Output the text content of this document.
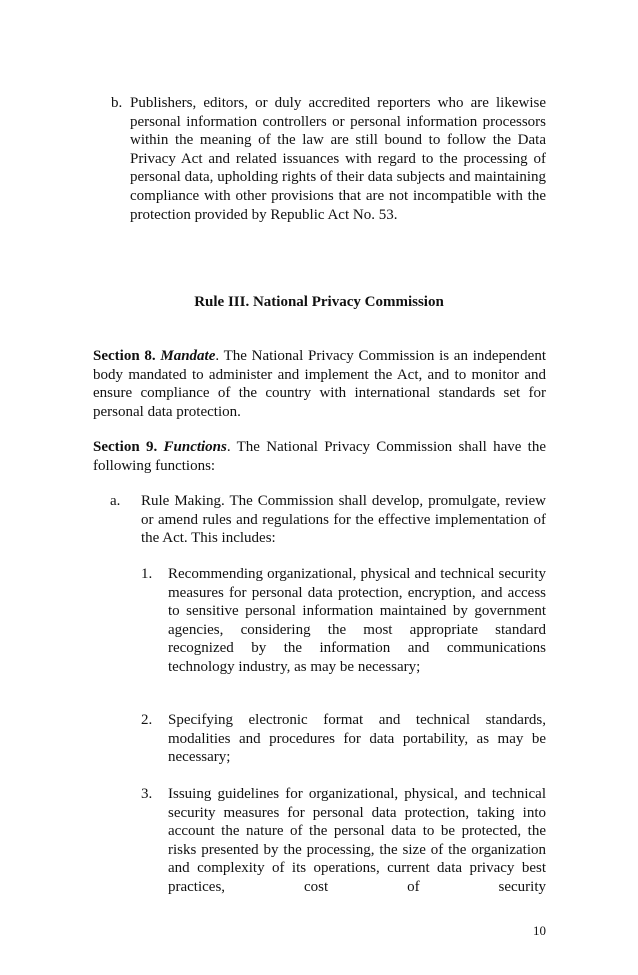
b. Publishers, editors, or duly accredited reporters who are likewise personal information controllers or personal information processors within the meaning of the law are still bound to follow the Data Privacy Act and related issuances with regard to the processing of personal data, upholding rights of their data subjects and maintaining compliance with other provisions that are not incompatible with the protection provided by Republic Act No. 53.
Rule III. National Privacy Commission
Section 8. Mandate. The National Privacy Commission is an independent body mandated to administer and implement the Act, and to monitor and ensure compliance of the country with international standards set for personal data protection.
Section 9. Functions. The National Privacy Commission shall have the following functions:
a. Rule Making. The Commission shall develop, promulgate, review or amend rules and regulations for the effective implementation of the Act. This includes:
1. Recommending organizational, physical and technical security measures for personal data protection, encryption, and access to sensitive personal information maintained by government agencies, considering the most appropriate standard recognized by the information and communications technology industry, as may be necessary;
2. Specifying electronic format and technical standards, modalities and procedures for data portability, as may be necessary;
3. Issuing guidelines for organizational, physical, and technical security measures for personal data protection, taking into account the nature of the personal data to be protected, the risks presented by the processing, the size of the organization and complexity of its operations, current data privacy best practices, cost of security
10
